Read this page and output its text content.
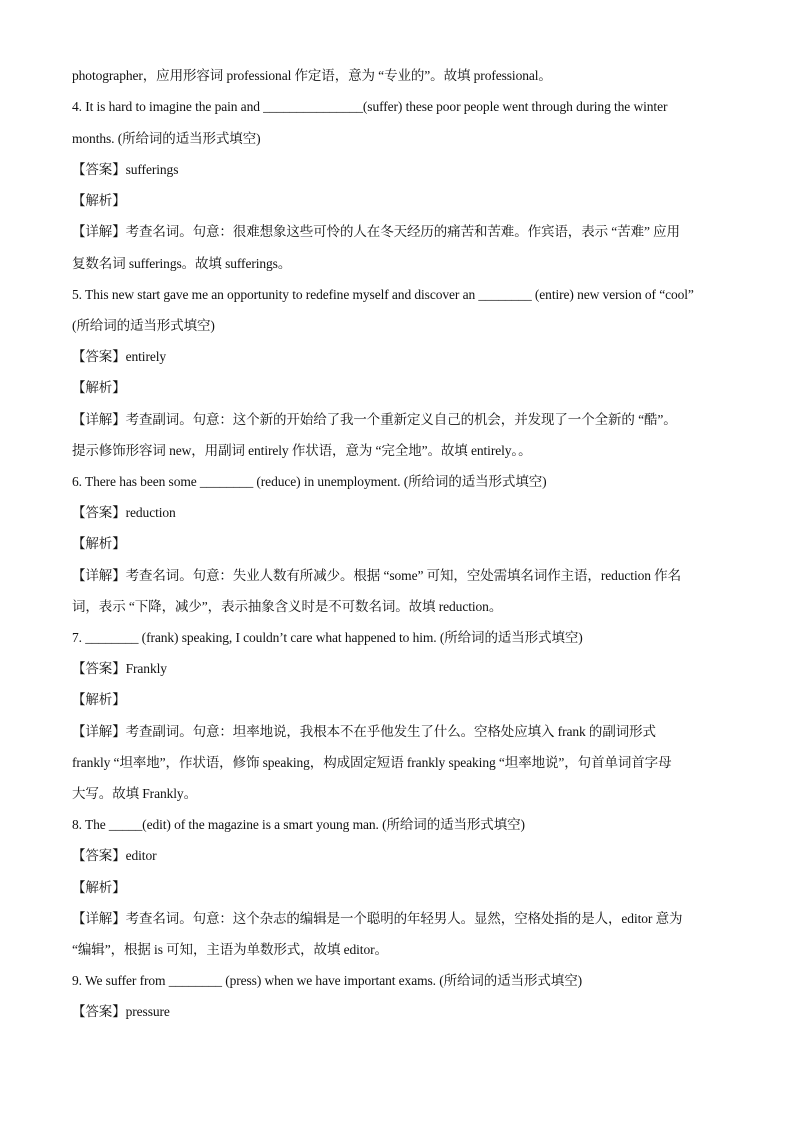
photographer，应用形容词 professional 作定语，意为 “专业的”。故填 professional。
4. It is hard to imagine the pain and _______________(suffer) these poor people went through during the winter
months. (所给词的适当形式填空)
【答案】sufferings
【解析】
【详解】考查名词。句意：很难想象这些可怜的人在冬天经历的痛苦和苦难。作宾语，表示 “苦难” 应用
复数名词 sufferings。故填 sufferings。
5. This new start gave me an opportunity to redefine myself and discover an ________ (entire) new version of “cool”
(所给词的适当形式填空)
【答案】entirely
【解析】
【详解】考查副词。句意：这个新的开始给了我一个重新定义自己的机会，并发现了一个全新的 “酷”。
提示修饰形容词 new，用副词 entirely 作状语，意为 “完全地”。故填 entirely。。
6. There has been some ________ (reduce) in unemployment. (所给词的适当形式填空)
【答案】reduction
【解析】
【详解】考查名词。句意：失业人数有所减少。根据 “some” 可知，空处需填名词作主语，reduction 作名
词，表示 “下降，减少”，表示抽象含义时是不可数名词。故填 reduction。
7. ________ (frank) speaking, I couldn’t care what happened to him. (所给词的适当形式填空)
【答案】Frankly
【解析】
【详解】考查副词。句意：坦率地说，我根本不在乎他发生了什么。空格处应填入 frank 的副词形式
frankly “坦率地”，作状语，修饰 speaking，构成固定短语 frankly speaking “坦率地说”，句首单词首字母
大写。故填 Frankly。
8. The _____(edit) of the magazine is a smart young man. (所给词的适当形式填空)
【答案】editor
【解析】
【详解】考查名词。句意：这个杂志的编辑是一个聪明的年轻男人。显然，空格处指的是人，editor 意为
“编辑”，根据 is 可知，主语为单数形式，故填 editor。
9. We suffer from ________ (press) when we have important exams. (所给词的适当形式填空)
【答案】pressure
